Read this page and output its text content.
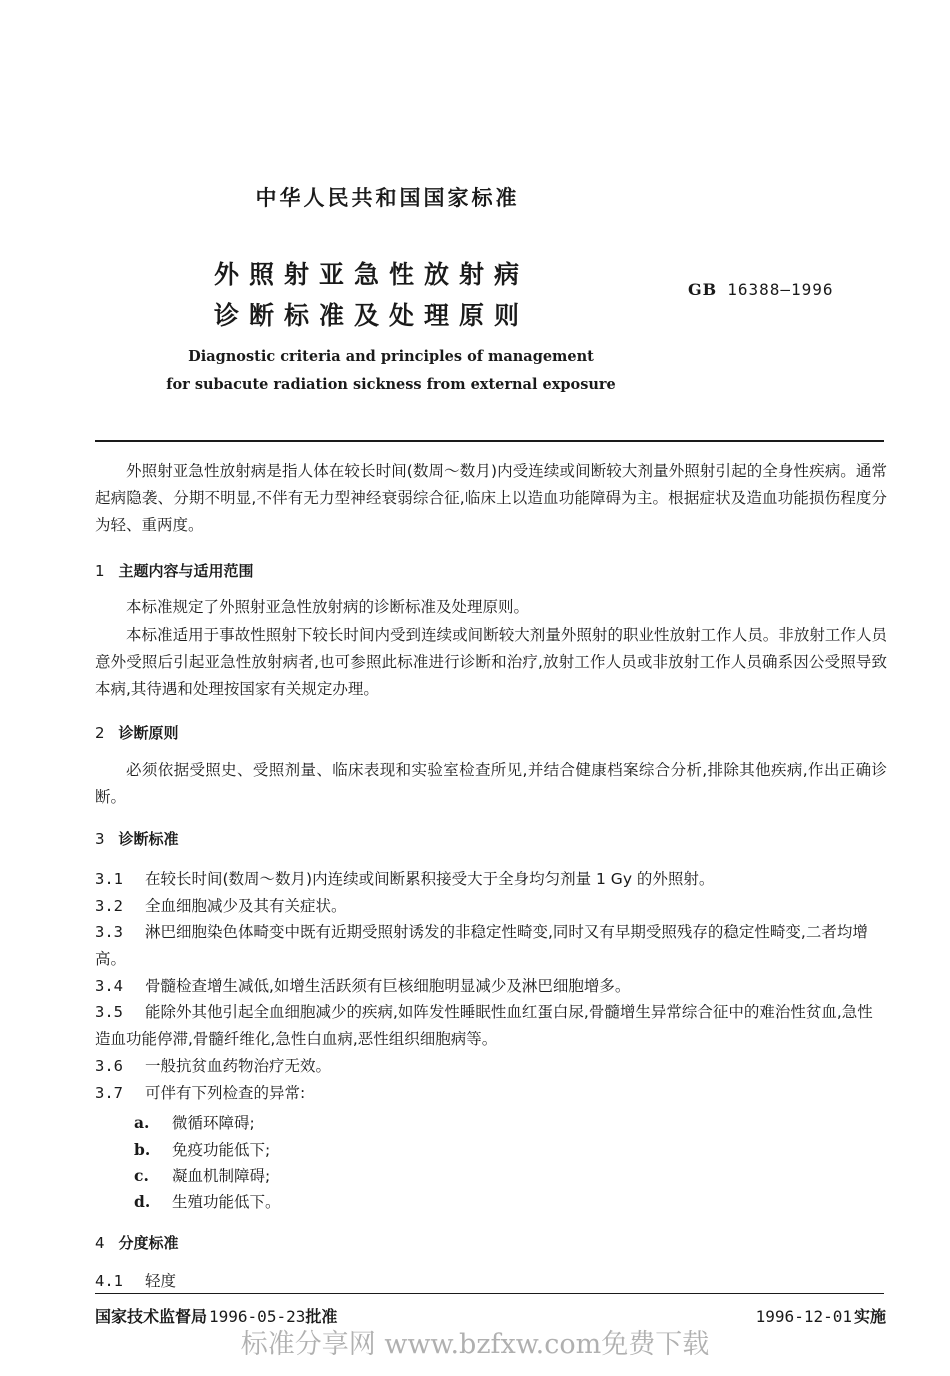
中华人民共和国国家标准
外照射亚急性放射病
诊断标准及处理原则
GB 16388—1996
Diagnostic criteria and principles of management
for subacute radiation sickness from external exposure
外照射亚急性放射病是指人体在较长时间(数周～数月)内受连续或间断较大剂量外照射引起的全身性疾病。通常起病隐袭、分期不明显,不伴有无力型神经衰弱综合征,临床上以造血功能障碍为主。根据症状及造血功能损伤程度分为轻、重两度。
1 主题内容与适用范围
本标准规定了外照射亚急性放射病的诊断标准及处理原则。
本标准适用于事故性照射下较长时间内受到连续或间断较大剂量外照射的职业性放射工作人员。非放射工作人员意外受照后引起亚急性放射病者,也可参照此标准进行诊断和治疗,放射工作人员或非放射工作人员确系因公受照导致本病,其待遇和处理按国家有关规定办理。
2 诊断原则
必须依据受照史、受照剂量、临床表现和实验室检查所见,并结合健康档案综合分析,排除其他疾病,作出正确诊断。
3 诊断标准
3.1 在较长时间(数周～数月)内连续或间断累积接受大于全身均匀剂量 1 Gy 的外照射。
3.2 全血细胞减少及其有关症状。
3.3 淋巴细胞染色体畸变中既有近期受照射诱发的非稳定性畸变,同时又有早期受照残存的稳定性畸变,二者均增高。
3.4 骨髓检查增生减低,如增生活跃须有巨核细胞明显减少及淋巴细胞增多。
3.5 能除外其他引起全血细胞减少的疾病,如阵发性睡眠性血红蛋白尿,骨髓增生异常综合征中的难治性贫血,急性造血功能停滞,骨髓纤维化,急性白血病,恶性组织细胞病等。
3.6 一般抗贫血药物治疗无效。
3.7 可伴有下列检查的异常:
a. 微循环障碍;
b. 免疫功能低下;
c. 凝血机制障碍;
d. 生殖功能低下。
4 分度标准
4.1 轻度
国家技术监督局 1996-05-23批准	1996-12-01 实施
标准分享网 www.bzfxw.com免费下载
